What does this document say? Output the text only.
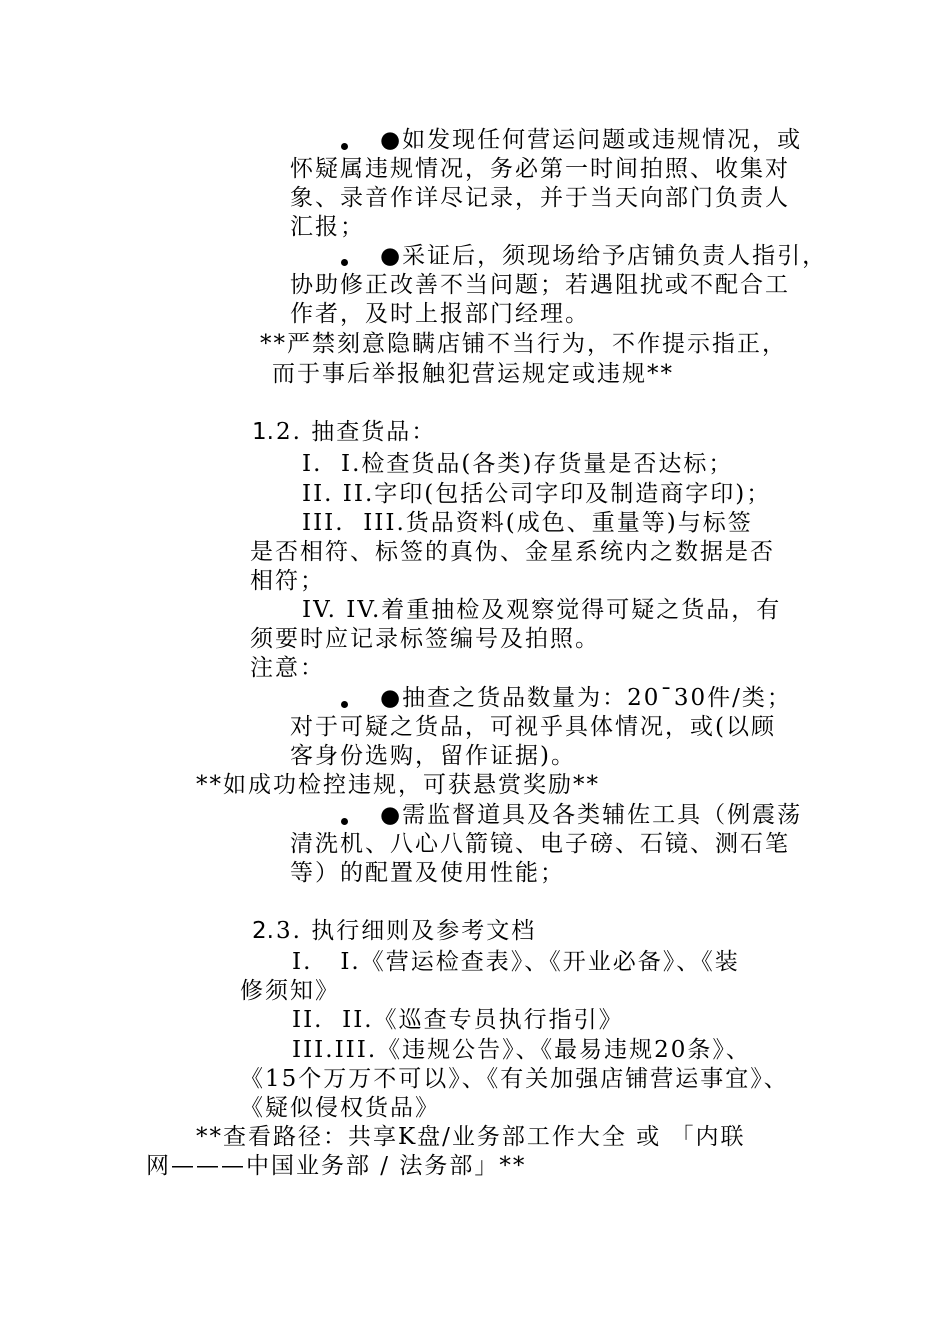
●如发现任何营运问题或违规情况，或
怀疑属违规情况，务必第一时间拍照、收集对
象、录音作详尽记录，并于当天向部门负责人
汇报；
●采证后，须现场给予店铺负责人指引，
协助修正改善不当问题；若遇阻扰或不配合工
作者，及时上报部门经理。
**严禁刻意隐瞒店铺不当行为，不作提示指正，
而于事后举报触犯营运规定或违规**
1. 2. 抽查货品：
I.  I.检查货品(各类)存货量是否达标；
II. II.字印(包括公司字印及制造商字印)；
III.  III.货品资料(成色、重量等)与标签
是否相符、标签的真伪、金星系统内之数据是否
相符；
IV. IV.着重抽检及观察觉得可疑之货品，有
须要时应记录标签编号及拍照。
注意：
●抽查之货品数量为：20¯30件/类；
对于可疑之货品，可视乎具体情况，或(以顾
客身份选购，留作证据)。
**如成功检控违规，可获悬赏奖励**
●需监督道具及各类辅佐工具（例震荡
清洗机、八心八箭镜、电子磅、石镜、测石笔
等）的配置及使用性能；
2. 3. 执行细则及参考文档
I.   I.《营运检查表》、《开业必备》、《装
修须知》
II.  II.《巡查专员执行指引》
III.III.《违规公告》、《最易违规20条》、
《15个万万不可以》、《有关加强店铺营运事宜》、
《疑似侵权货品》
**查看路径：共享K盘/业务部工作大全 或 「内联
网———中国业务部 / 法务部」**
